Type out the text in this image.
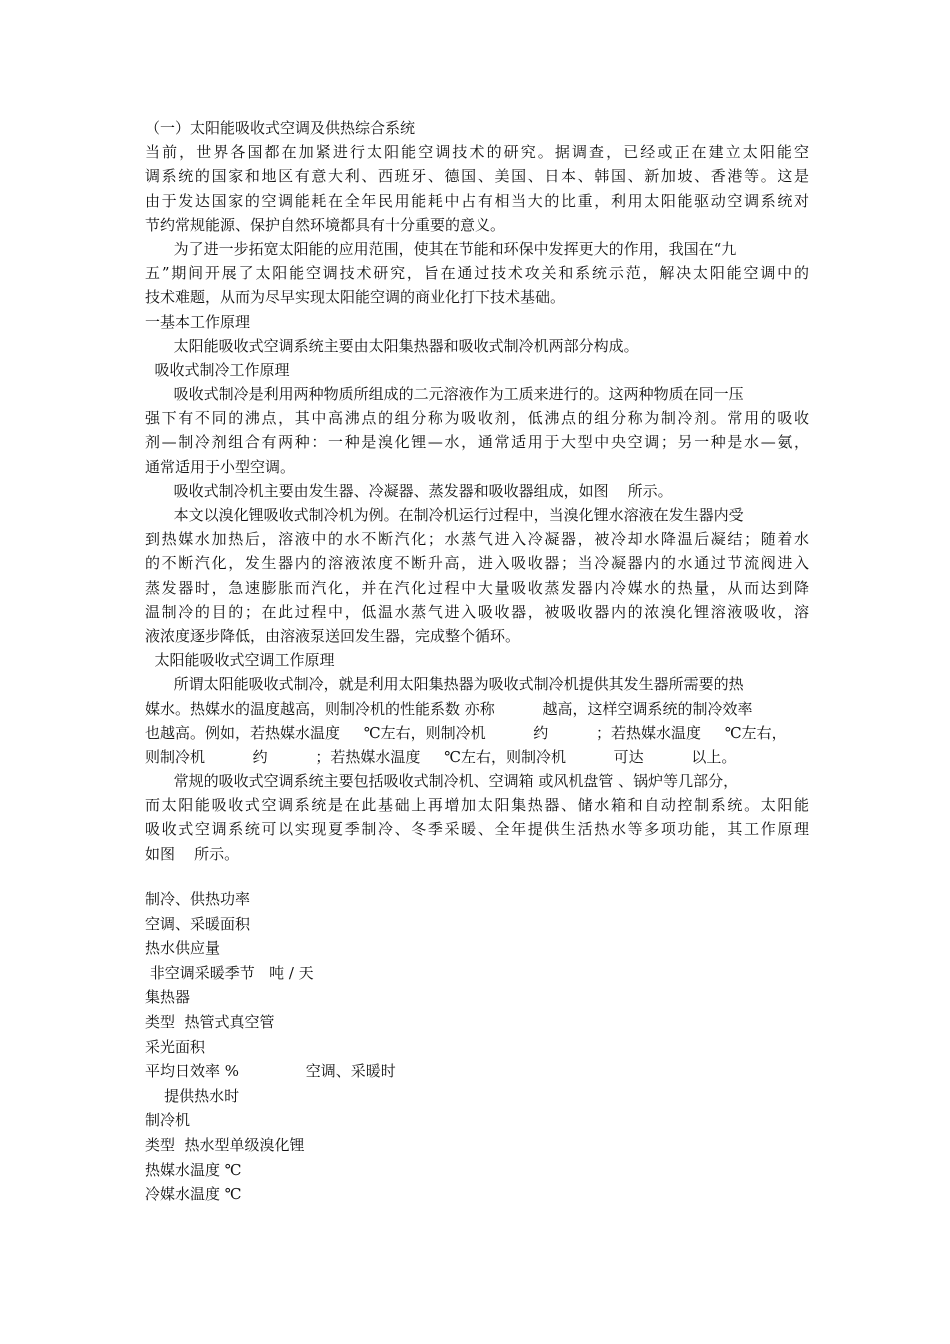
（一）太阳能吸收式空调及供热综合系统
当前，世界各国都在加紧进行太阳能空调技术的研究。据调查，已经或正在建立太阳能空
调系统的国家和地区有意大利、西班牙、德国、美国、日本、韩国、新加坡、香港等。这是
由于发达国家的空调能耗在全年民用能耗中占有相当大的比重，利用太阳能驱动空调系统对
节约常规能源、保护自然环境都具有十分重要的意义。
为了进一步拓宽太阳能的应用范围，使其在节能和环保中发挥更大的作用，我国在“九
五”期间开展了太阳能空调技术研究，旨在通过技术攻关和系统示范，解决太阳能空调中的
技术难题，从而为尽早实现太阳能空调的商业化打下技术基础。
一基本工作原理
太阳能吸收式空调系统主要由太阳集热器和吸收式制冷机两部分构成。
吸收式制冷工作原理
吸收式制冷是利用两种物质所组成的二元溶液作为工质来进行的。这两种物质在同一压
强下有不同的沸点，其中高沸点的组分称为吸收剂，低沸点的组分称为制冷剂。常用的吸收
剂—制冷剂组合有两种：一种是溴化锂—水，通常适用于大型中央空调；另一种是水—氨，
通常适用于小型空调。
吸收式制冷机主要由发生器、冷凝器、蒸发器和吸收器组成，如图    所示。
本文以溴化锂吸收式制冷机为例。在制冷机运行过程中，当溴化锂水溶液在发生器内受
到热媒水加热后，溶液中的水不断汽化；水蒸气进入冷凝器，被冷却水降温后凝结；随着水
的不断汽化，发生器内的溶液浓度不断升高，进入吸收器；当冷凝器内的水通过节流阀进入
蒸发器时，急速膨胀而汽化，并在汽化过程中大量吸收蒸发器内冷媒水的热量，从而达到降
温制冷的目的；在此过程中，低温水蒸气进入吸收器，被吸收器内的浓溴化锂溶液吸收，溶
液浓度逐步降低，由溶液泵送回发生器，完成整个循环。
太阳能吸收式空调工作原理
所谓太阳能吸收式制冷，就是利用太阳集热器为吸收式制冷机提供其发生器所需要的热
媒水。热媒水的温度越高，则制冷机的性能系数 亦称          越高，这样空调系统的制冷效率
也越高。例如，若热媒水温度     ℃左右，则制冷机          约          ；若热媒水温度     ℃左右，
则制冷机          约          ；若热媒水温度     ℃左右，则制冷机          可达          以上。
常规的吸收式空调系统主要包括吸收式制冷机、空调箱 或风机盘管 、锅炉等几部分，
而太阳能吸收式空调系统是在此基础上再增加太阳集热器、储水箱和自动控制系统。太阳能
吸收式空调系统可以实现夏季制冷、冬季采暖、全年提供生活热水等多项功能，其工作原理
如图    所示。
制冷、供热功率
空调、采暖面积
热水供应量
非空调采暖季节   吨 / 天
集热器
类型  热管式真空管
采光面积
平均日效率 %              空调、采暖时
提供热水时
制冷机
类型  热水型单级溴化锂
热媒水温度 ℃
冷媒水温度 ℃
